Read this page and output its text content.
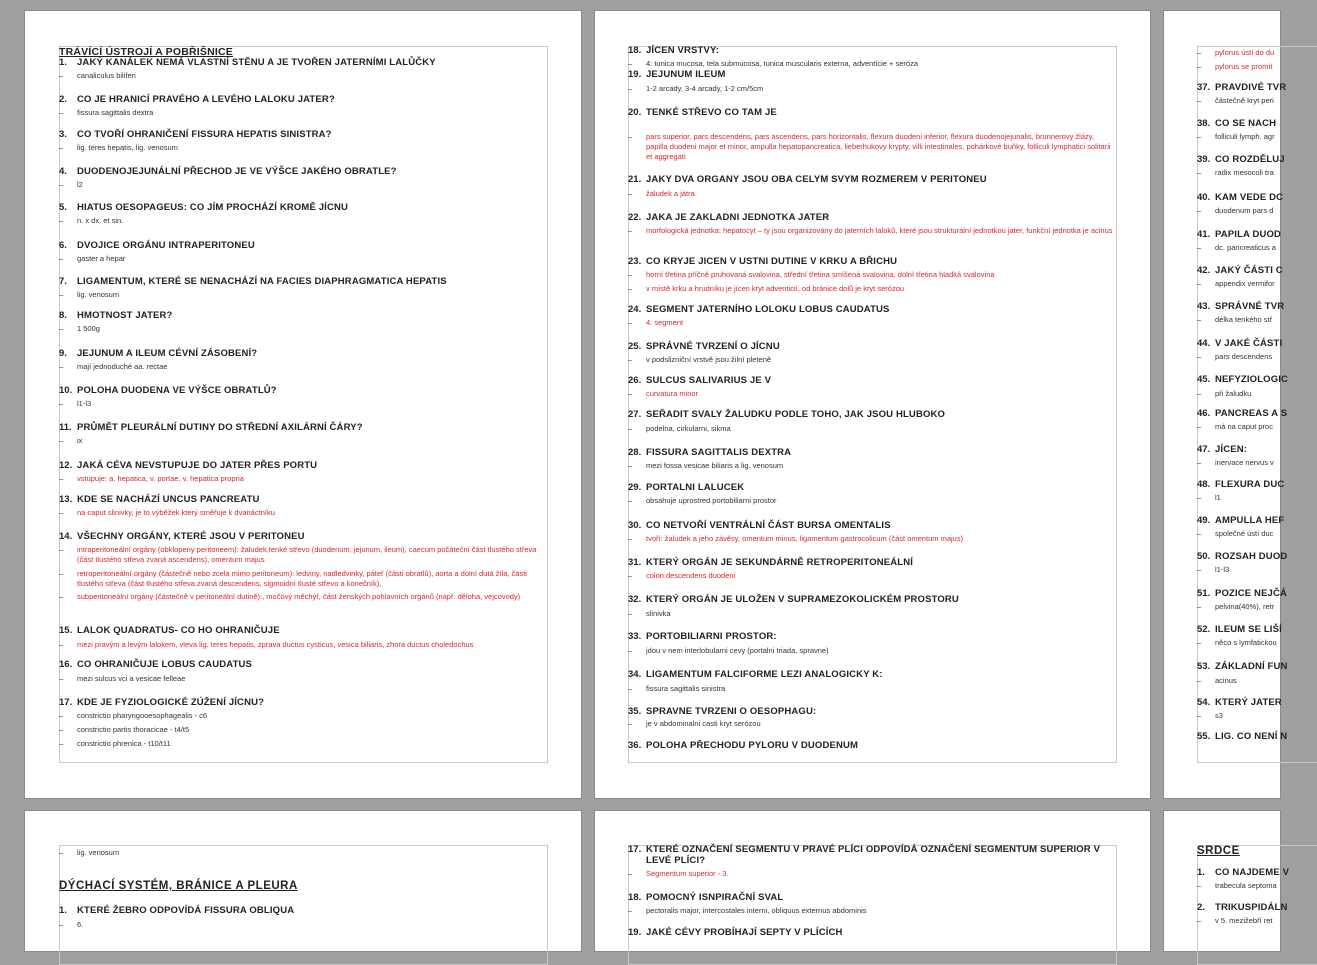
TRÁVÍCÍ ÚSTROJÍ A POBŘIŠNICE
1. JAKÝ KANÁLEK NEMÁ VLASTNÍ STĚNU A JE TVOŘEN JATERNÍMI LALŮČKY
– canaliculus biliferi
2. CO JE HRANICÍ PRAVÉHO A LEVÉHO LALOKU JATER?
– fissura sagittalis dextra
3. CO TVOŘÍ OHRANIČENÍ FISSURA HEPATIS SINISTRA?
– lig. teres hepatis, lig. venosum
4. DUODENOJEJUNÁLNÍ PŘECHOD JE VE VÝŠCE JAKÉHO OBRATLE?
– l2
5. HIATUS OESOPAGEUS: CO JÍM PROCHÁZÍ KROMĚ JÍCNU
– n. x dx. et sin.
6. DVOJICE ORGÁNU INTRAPERITONEU
– gaster a hepar
7. LIGAMENTUM, KTERÉ SE NENACHÁZÍ NA FACIES DIAPHRAGMATICA HEPATIS
– lig. venosum
8. HMOTNOST JATER?
– 1 500g
9. JEJUNUM A ILEUM CÉVNÍ ZÁSOBENÍ?
– mají jednoduché aa. rectae
10. POLOHA DUODENA VE VÝŠCE OBRATLŮ?
– l1-l3
11. PRŮMĚT PLEURÁLNÍ DUTINY DO STŘEDNÍ AXILÁRNÍ ČÁRY?
– ix
12. JAKÁ CÉVA NEVSTUPUJE DO JATER PŘES PORTU
– vstupuje: a. hepatica, v. portae, v. hepatica propria
13. KDE SE NACHÁZÍ UNCUS PANCREATU
– na caput slinivky, je to výběžek který směřuje k dvanáctníku
14. VŠECHNY ORGÁNY, KTERÉ JSOU V PERITONEU
– intraperitoneální orgány (obklopeny peritoneem): žaludek,tenké střevo (duodenum, jejunum, ileum), caecum počáteční část tlustého střeva (část tlustého střeva zvaná ascendens), omentum majus
– retroperitoneální orgány (částečně nebo zcela mimo peritoneum): ledviny, nadledvinky, páteř (části obratlů), aorta a dolní dutá žíla, části tlustého střeva (část tlustého střeva zvaná descendens, sigmoidní tlusté střevo a konečník),
– subperitoneální orgány (částečně v peritoneální dutině):, močový měchýř, část ženských pohlavních orgánů (např. děloha, vejcovody)
15. LALOK QUADRATUS- CO HO OHRANIČUJE
– mezi pravým a levým lalokem, vleva lig. teres hepatis, zprava ductus cysticus, vesica biliaris, zhora ductus choledochus
16. CO OHRANIČUJE LOBUS CAUDATUS
– mezi sulcus vci a vesicae felleae
17. KDE JE FYZIOLOGICKÉ ZÚŽENÍ JÍCNU?
– constrictio pharyngooesophagealis - c6
– constrictio partis thoracicae - t4/t5
– constrictio phrenica - t10/t11
18. JÍCEN VRSTVY:
– 4: tunica mucosa, tela submucosa, tunica muscularis externa, adventície + seróza
19. JEJUNUM ILEUM
– 1-2 arcady, 3-4 arcady, 1-2 cm/5cm
20. TENKÉ STŘEVO CO TAM JE
– pars superior, pars descendens, pars ascendens, pars horizontalis, flexura duodeni inferior, flexura duodenojejunalis, brunnerovy žlázy, papilla duodeni major et minor, ampulla hepatopancreatica, lieberhukovy krypty, villi intestinales, pohárkové buňky, folliculi lymphatici solitarii et aggregati
21. JAKY DVA ORGANY JSOU OBA CELYM SVYM ROZMEREM V PERITONEU
– žaludek a játra
22. JAKA JE ZAKLADNI JEDNOTKA JATER
– morfologická jednotka: hepatocyt – ty jsou organizovány do jaterních laloků, které jsou strukturální jednotkou jater, funkční jednotka je acinus
23. CO KRYJE JICEN V USTNI DUTINE V KRKU A BŘICHU
– horní třetina příčně pruhovaná svalovina, střední třetina smíšená svalovina, dolní třetina hladká svalovina
– v místě krku a hrudníku je jícen kryt adventicií, od bránice dolů je kryt serózou
24. SEGMENT JATERNÍHO LOLOKU LOBUS CAUDATUS
– 4. segment
25. SPRÁVNÉ TVRZENÍ O JÍCNU
– v podslizniční vrstvě jsou žilní pleteně
26. SULCUS SALIVARIUS JE V
– curvatura minor
27. SEŘADIT SVALY ŽALUDKU PODLE TOHO, JAK JSOU HLUBOKO
– podelna, cirkularni, sikma
28. FISSURA SAGITTALIS DEXTRA
– mezi fossa vesicae biliaris a lig. venosum
29. PORTALNI LALUCEK
– obsahuje uprostred portobiliarni prostor
30. CO NETVOŘÍ VENTRÁLNÍ ČÁST BURSA OMENTALIS
– tvoří: žaludek a jeho závěsy, omentum minus, ligamentum gastrocolicum (část omentum majus)
31. KTERÝ ORGÁN JE SEKUNDÁRNĚ RETROPERITONEÁLNÍ
– colon descendens duodeni
32. KTERÝ ORGÁN JE ULOŽEN V SUPRAMEZOKOLICKÉM PROSTORU
– slinivka
33. PORTOBILIARNI PROSTOR:
– jdou v nem interlobularni cevy (portalni triada, spravne)
34. LIGAMENTUM FALCIFORME LEZI ANALOGICKY K:
– fissura sagittalis sinistra
35. SPRAVNE TVRZENI O OESOPHAGU:
– je v abdominalni casti kryt serózou
36. POLOHA PŘECHODU PYLORU V DUODENUM
– pylorus ústí do du
– pylorus se promít
37. PRAVDIVÉ TVR
– částečně kryt peri
38. CO SE NACH
– folliculi lymph. agr
39. CO ROZDĚLUJ
– radix mesocoli tra
40. KAM VEDE DC
– duodenum pars d
41. PAPILA DUOD
– dc. pancreaticus a
42. JAKÝ ČÁSTI C
– appendix vermifor
43. SPRÁVNÉ TVR
– délka tenkého stř
44. V JAKÉ ČÁSTI
– pars descendens
45. NEFYZIOLOGIC
– při žaludku
46. PANCREAS A S
– má na caput proc
47. JÍCEN:
– inervace nervus v
48. FLEXURA DUC
– l1
49. AMPULLA HEF
– společné ústí duc
50. ROZSAH DUOD
– l1-l3
51. POZICE NEJČÁ
– pelvina(40%), retr
52. ILEUM SE LIŠÍ
– něco s lymfatickou
53. ZÁKLADNÍ FUN
– acinus
54. KTERÝ JATER
– s3
55. LIG. CO NENÍ N
– lig. venosum
DÝCHACÍ SYSTÉM, BRÁNICE A PLEURA
1. KTERÉ ŽEBRO ODPOVÍDÁ FISSURA OBLIQUA
– 6.
17. KTERÉ OZNAČENÍ SEGMENTU V PRAVÉ PLÍCI ODPOVÍDÁ OZNAČENÍ SEGMENTUM SUPERIOR V LEVÉ PLÍCI?
– Segmentum superior - 3.
18. POMOCNÝ ISNPIRAČNÍ SVAL
– pectoralis major, intercostales interni, obliquus externus abdominis
19. JAKÉ CÉVY PROBÍHAJÍ SEPTY V PLÍCÍCH
SRDCE
1. CO NAJDEME V
– trabecula septoma
2. TRIKUSPIDÁLN
– v 5. mezižebří ret
